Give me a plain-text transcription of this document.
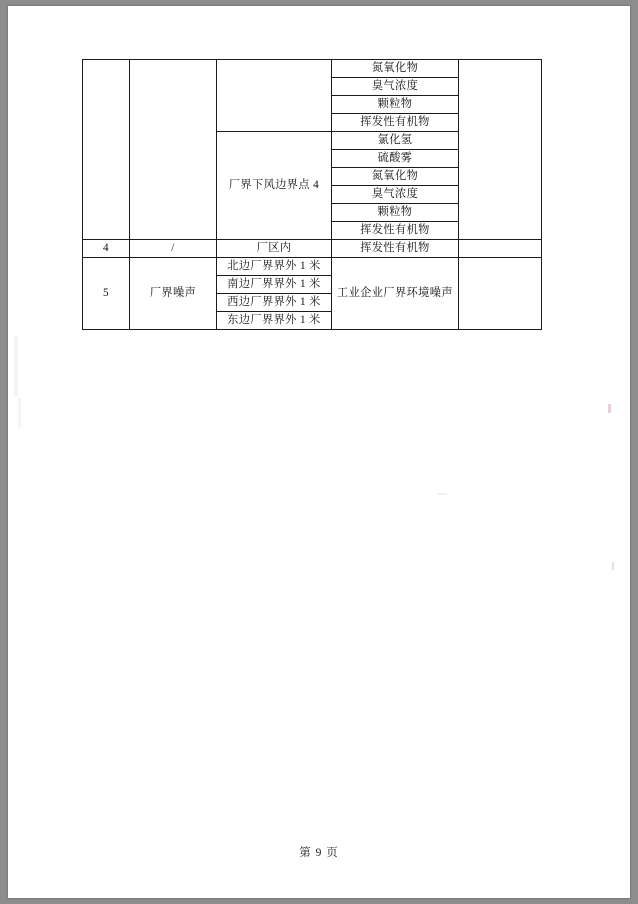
			氮氧化物	
			臭气浓度	
			颗粒物	
			挥发性有机物	
		厂界下风边界点 4	氯化氢	
			硫酸雾	
			氮氧化物	
			臭气浓度	
			颗粒物	
			挥发性有机物	
4	/	厂区内	挥发性有机物	
5	厂界噪声	北边厂界界外 1 米	工业企业厂界环境噪声	
		南边厂界界外 1 米		
		西边厂界界外 1 米		
		东边厂界界外 1 米		
第 9 页
